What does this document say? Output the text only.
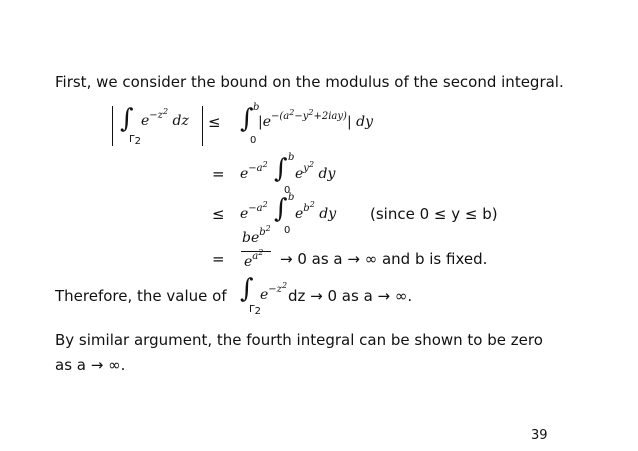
First, we consider the bound on the modulus of the second integral.
∫
$\Gamma_2$
$e^{-z^2}$ dz ≤ ∫ b
0
$|e^{-(a^2-y^2+2iay)}|$ dy
= $e^{-a^2}$ ∫ b
0
$e^{y^2}$ dy
≤ $e^{-a^2}$ ∫ b
0
$e^{b^2}$ dy (since 0 ≤ y ≤ b)
=
$be^{b^2}$
$e^{a^2} \to 0$ as a → ∞ and b is fixed.
Therefore, the value of ∫
$\Gamma_2$
$e^{-z^2}$
dz → 0 as a → ∞.
By similar argument, the fourth integral can be shown to be zero
as a → ∞.
39
